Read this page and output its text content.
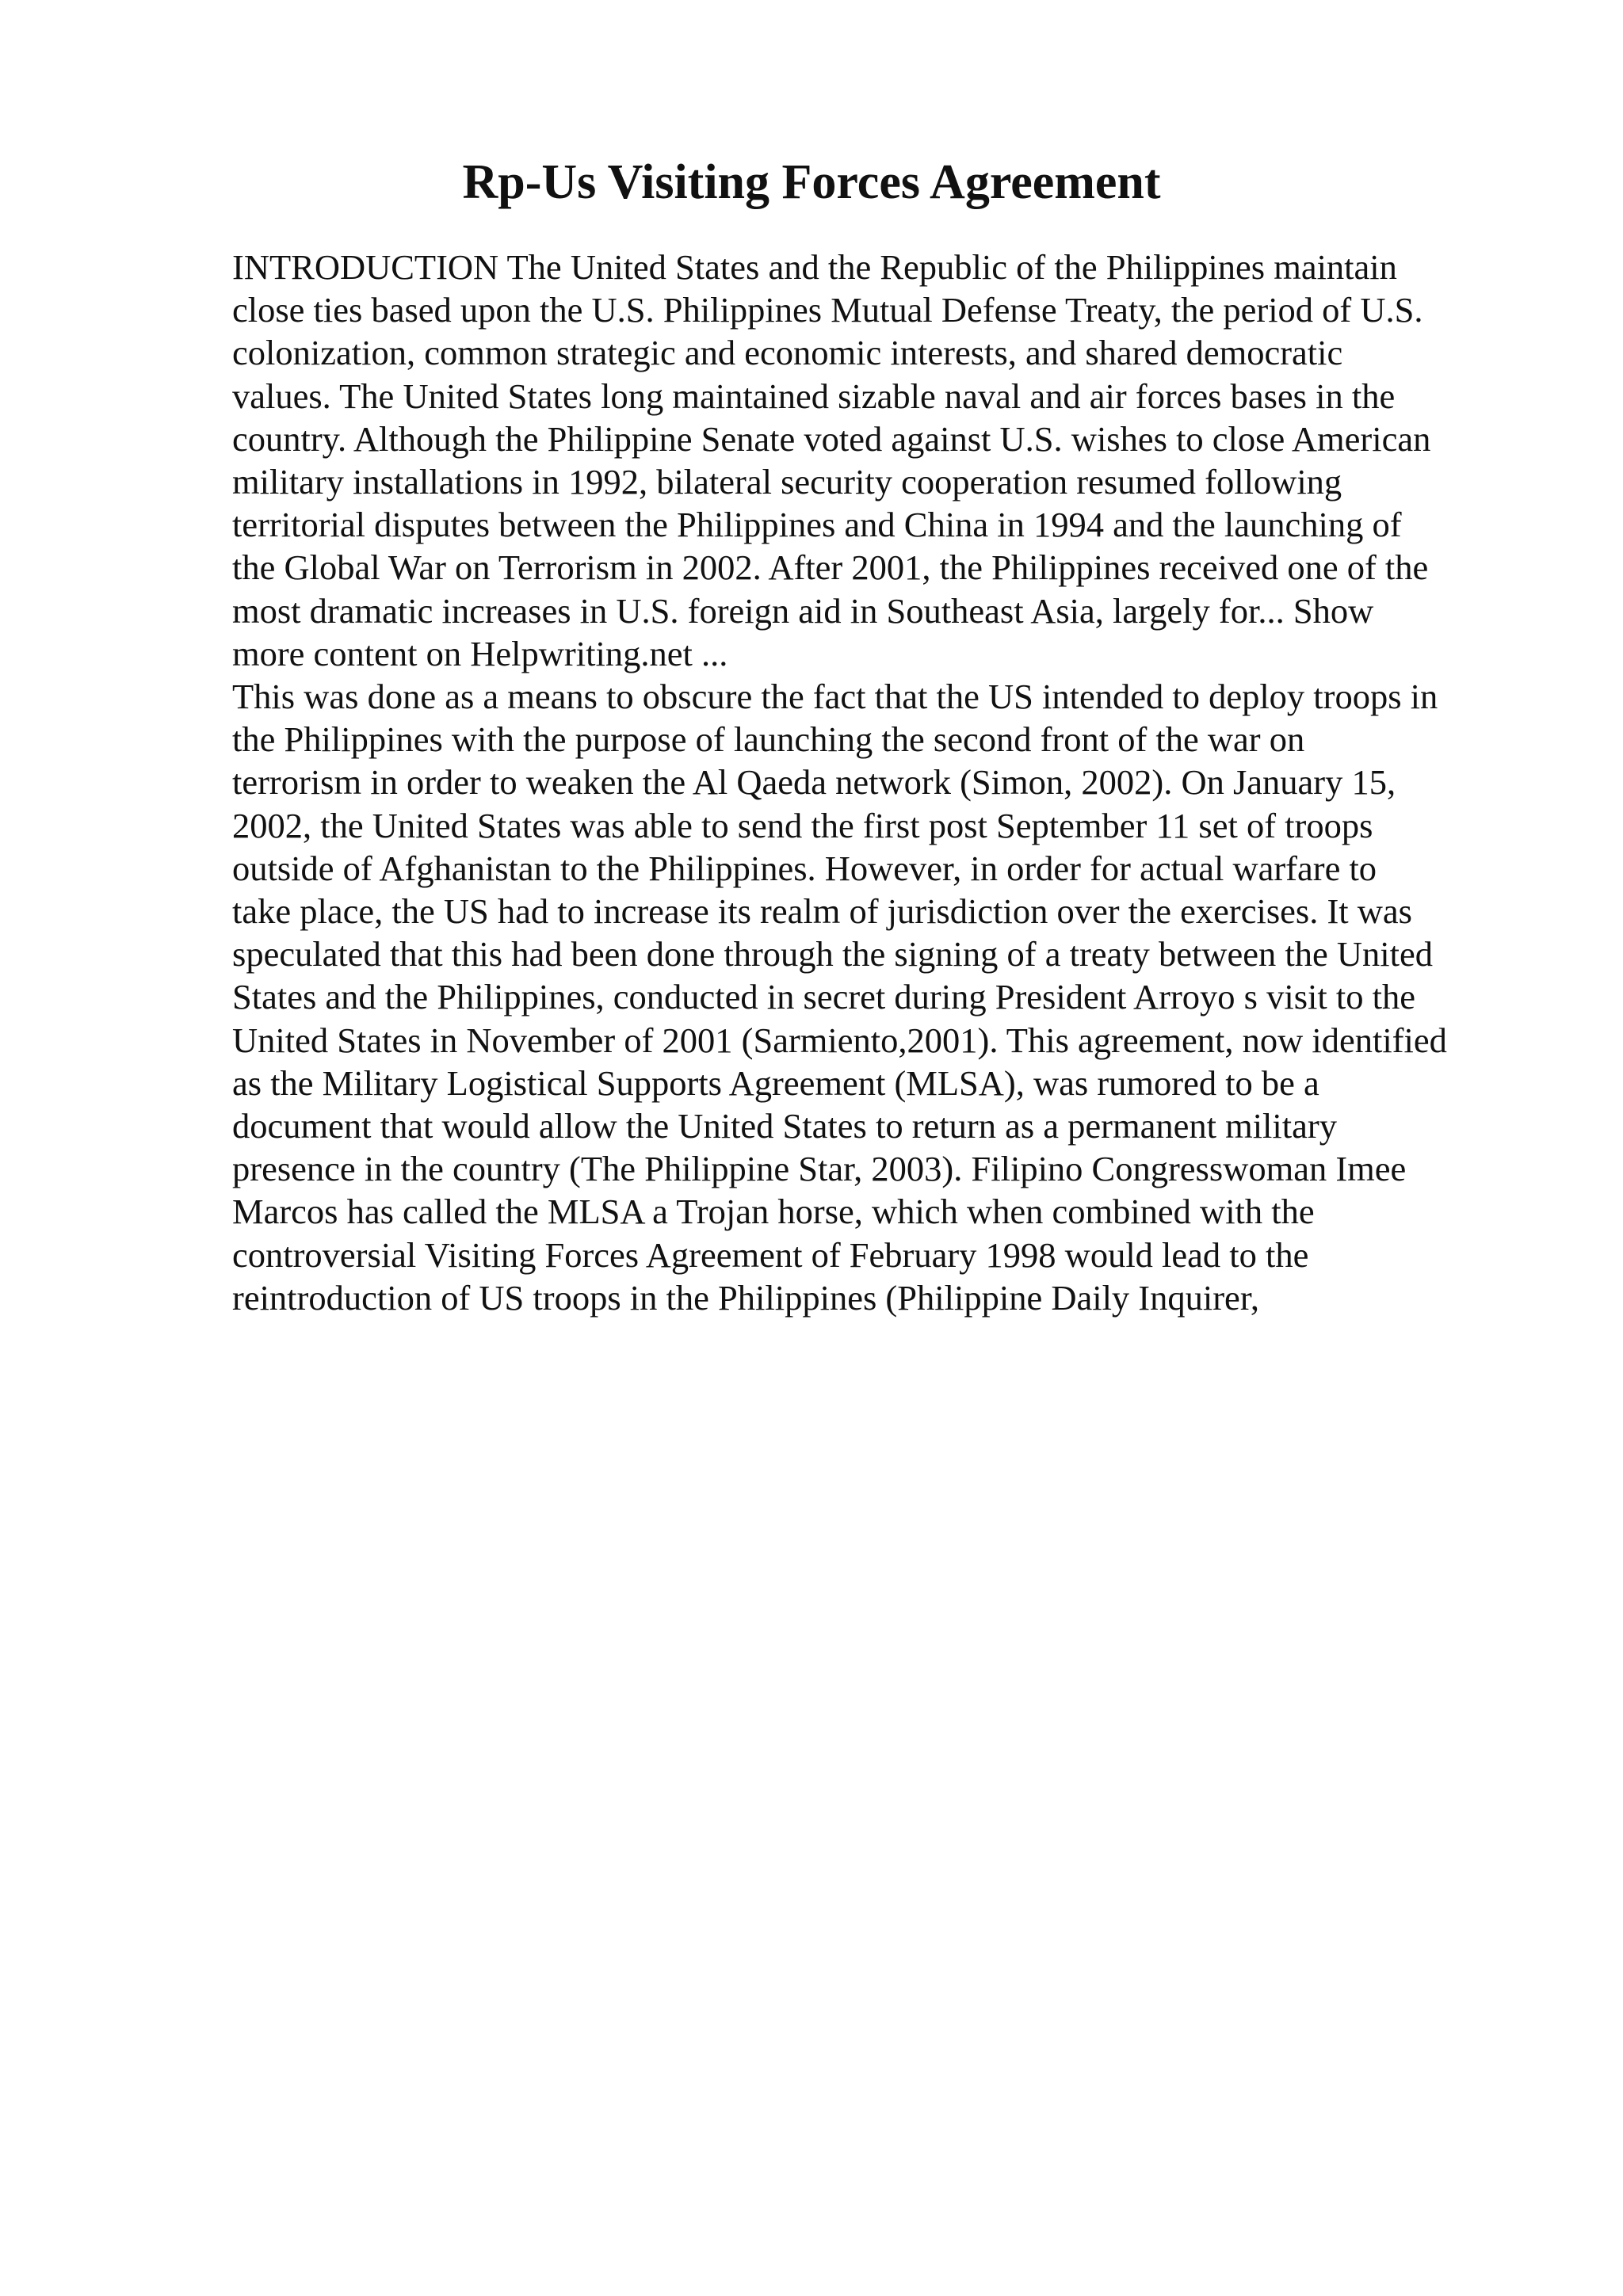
Rp-Us Visiting Forces Agreement

INTRODUCTION The United States and the Republic of the Philippines maintain
close ties based upon the U.S. Philippines Mutual Defense Treaty, the period of U.S.
colonization, common strategic and economic interests, and shared democratic
values. The United States long maintained sizable naval and air forces bases in the
country. Although the Philippine Senate voted against U.S. wishes to close American
military installations in 1992, bilateral security cooperation resumed following
territorial disputes between the Philippines and China in 1994 and the launching of
the Global War on Terrorism in 2002. After 2001, the Philippines received one of the
most dramatic increases in U.S. foreign aid in Southeast Asia, largely for... Show
more content on Helpwriting.net ...

This was done as a means to obscure the fact that the US intended to deploy troops in
the Philippines with the purpose of launching the second front of the war on
terrorism in order to weaken the Al Qaeda network (Simon, 2002). On January 15,
2002, the United States was able to send the first post September 11 set of troops
outside of Afghanistan to the Philippines. However, in order for actual warfare to
take place, the US had to increase its realm of jurisdiction over the exercises. It was
speculated that this had been done through the signing of a treaty between the United
States and the Philippines, conducted in secret during President Arroyo s visit to the
United States in November of 2001 (Sarmiento,2001). This agreement, now identified
as the Military Logistical Supports Agreement (MLSA), was rumored to be a
document that would allow the United States to return as a permanent military
presence in the country (The Philippine Star, 2003). Filipino Congresswoman Imee
Marcos has called the MLSA a Trojan horse, which when combined with the
controversial Visiting Forces Agreement of February 1998 would lead to the
reintroduction of US troops in the Philippines (Philippine Daily Inquirer,
